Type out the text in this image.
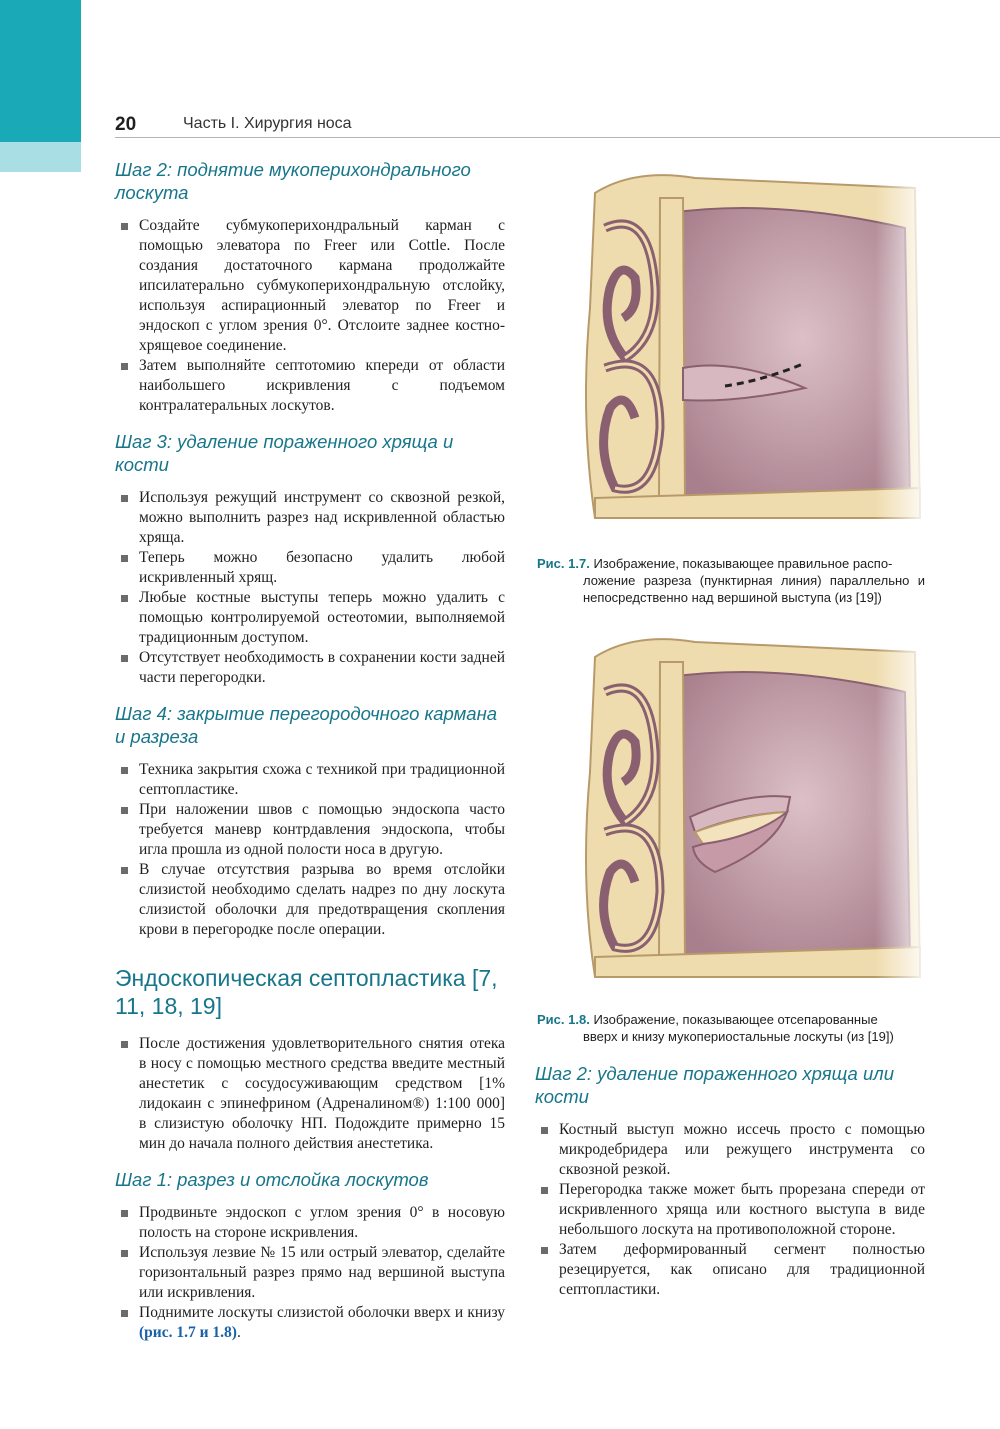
20	Часть I. Хирургия носа
Шаг 2: поднятие мукоперихондрального лоскута
Создайте субмукоперихондральный карман с помощью элеватора по Freer или Cottle. После создания достаточного кармана продолжайте ипсилатерально субмукоперихондральную отслойку, используя аспирационный элеватор по Freer и эндоскоп с углом зрения 0°. Отслоите заднее костно-хрящевое соединение.
Затем выполняйте септотомию кпереди от области наибольшего искривления с подъемом контралатеральных лоскутов.
Шаг 3: удаление пораженного хряща и кости
Используя режущий инструмент со сквозной резкой, можно выполнить разрез над искривленной областью хряща.
Теперь можно безопасно удалить любой искривленный хрящ.
Любые костные выступы теперь можно удалить с помощью контролируемой остеотомии, выполняемой традиционным доступом.
Отсутствует необходимость в сохранении кости задней части перегородки.
Шаг 4: закрытие перегородочного кармана и разреза
Техника закрытия схожа с техникой при традиционной септопластике.
При наложении швов с помощью эндоскопа часто требуется маневр контрдавления эндоскопа, чтобы игла прошла из одной полости носа в другую.
В случае отсутствия разрыва во время отслойки слизистой необходимо сделать надрез по дну лоскута слизистой оболочки для предотвращения скопления крови в перегородке после операции.
Эндоскопическая септопластика [7, 11, 18, 19]
После достижения удовлетворительного снятия отека в носу с помощью местного средства введите местный анестетик с сосудосуживающим средством [1% лидокаин с эпинефрином (Адреналином®) 1:100 000] в слизистую оболочку НП. Подождите примерно 15 мин до начала полного действия анестетика.
Шаг 1: разрез и отслойка лоскутов
Продвиньте эндоскоп с углом зрения 0° в носовую полость на стороне искривления.
Используя лезвие № 15 или острый элеватор, сделайте горизонтальный разрез прямо над вершиной выступа или искривления.
Поднимите лоскуты слизистой оболочки вверх и книзу (рис. 1.7 и 1.8).
Рис. 1.7. Изображение, показывающее правильное распо-
ложение разреза (пунктирная линия) параллельно и непосредственно над вершиной выступа (из [19])
Рис. 1.8. Изображение, показывающее отсепарованные
вверх и книзу мукопериостальные лоскуты (из [19])
Шаг 2: удаление пораженного хряща или кости
Костный выступ можно иссечь просто с помощью микродебридера или режущего инструмента со сквозной резкой.
Перегородка также может быть прорезана спереди от искривленного хряща или костного выступа в виде небольшого лоскута на противоположной стороне.
Затем деформированный сегмент полностью резецируется, как описано для традиционной септопластики.
